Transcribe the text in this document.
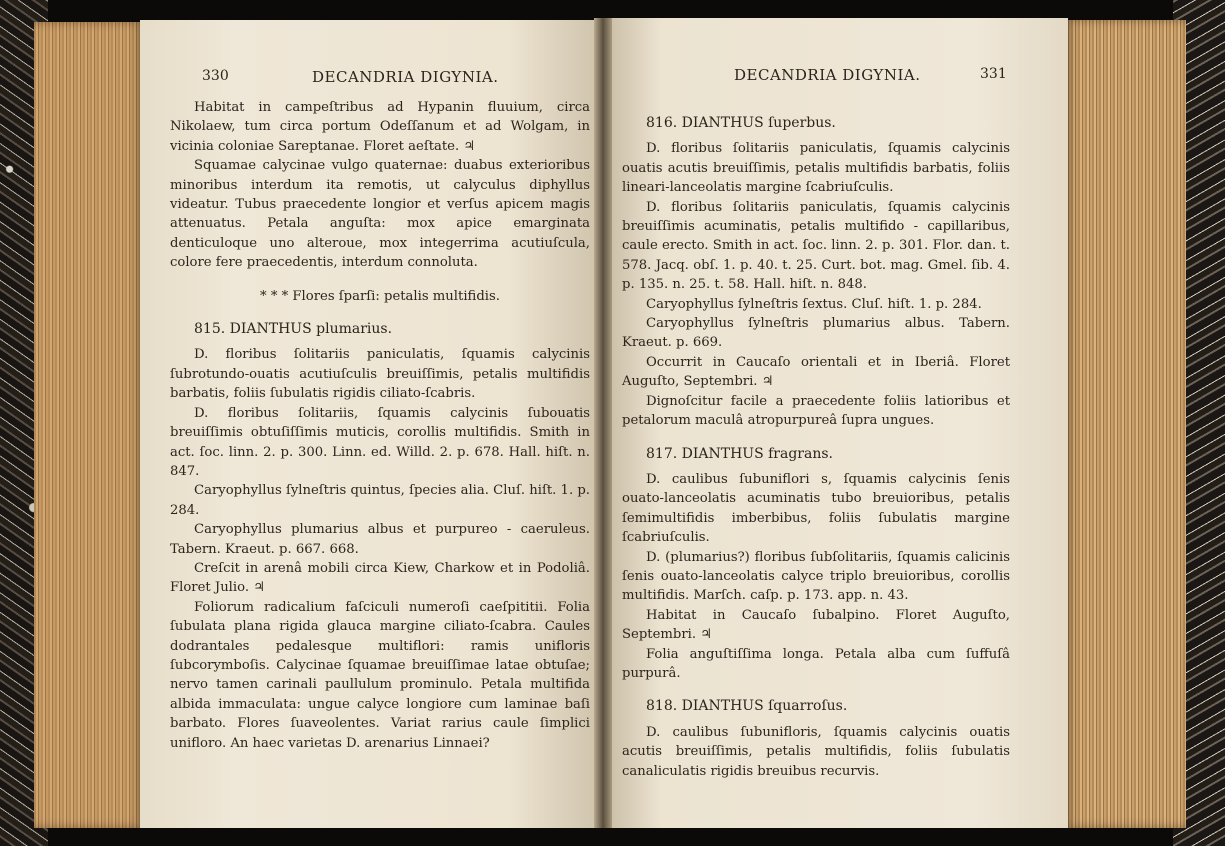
330	DECANDRIA DIGYNIA.

Habitat in campeſtribus ad Hypanin fluuium, circa Nikolaew, tum circa portum Odeſſanum et ad Wolgam, in vicinia coloniae Sareptanae. Floret aeſtate. ♃

Squamae calycinae vulgo quaternae: duabus exterioribus minoribus interdum ita remotis, ut calyculus diphyllus videatur. Tubus praecedente longior et verſus apicem magis attenuatus. Petala anguſta: mox apice emarginata denticuloque uno alteroue, mox integerrima acutiuſcula, colore fere praecedentis, interdum connoluta.

* * * Flores ſparſi: petalis multifidis.

815. DIANTHUS plumarius.

D. floribus ſolitariis paniculatis, ſquamis calycinis ſubrotundo-ouatis acutiuſculis breuiſſimis, petalis multifidis barbatis, foliis ſubulatis rigidis ciliato-ſcabris.

D. floribus ſolitariis, ſquamis calycinis ſubouatis breuiſſimis obtuſiſſimis muticis, corollis multifidis. Smith in act. ſoc. linn. 2. p. 300. Linn. ed. Willd. 2. p. 678. Hall. hiſt. n. 847.

Caryophyllus ſylneſtris quintus, ſpecies alia. Cluſ. hiſt. 1. p. 284.

Caryophyllus plumarius albus et purpureo - caeruleus. Tabern. Kraeut. p. 667. 668.

Creſcit in arenâ mobili circa Kiew, Charkow et in Podoliâ. Floret Julio. ♃

Foliorum radicalium faſciculi numeroſi caeſpititii. Folia ſubulata plana rigida glauca margine ciliato-ſcabra. Caules dodrantales pedalesque multiflori: ramis unifloris ſubcorymboſis. Calycinae ſquamae breuiſſimae latae obtuſae; nervo tamen carinali paullulum prominulo. Petala multifida albida immaculata: ungue calyce longiore cum laminae baſi barbato. Flores ſuaveolentes. Variat rarius caule ſimplici unifloro. An haec varietas D. arenarius Linnaei?

DECANDRIA DIGYNIA.	331

816. DIANTHUS ſuperbus.

D. floribus ſolitariis paniculatis, ſquamis calycinis ouatis acutis breuiſſimis, petalis multifidis barbatis, foliis lineari-lanceolatis margine ſcabriuſculis.

D. floribus ſolitariis paniculatis, ſquamis calycinis breuiſſimis acuminatis, petalis multifido - capillaribus, caule erecto. Smith in act. ſoc. linn. 2. p. 301. Flor. dan. t. 578. Jacq. obſ. 1. p. 40. t. 25. Curt. bot. mag. Gmel. ſib. 4. p. 135. n. 25. t. 58. Hall. hiſt. n. 848.

Caryophyllus ſylneſtris ſextus. Cluſ. hiſt. 1. p. 284.

Caryophyllus ſylneſtris plumarius albus. Tabern. Kraeut. p. 669.

Occurrit in Caucaſo orientali et in Iberiâ. Floret Auguſto, Septembri. ♃

Dignoſcitur facile a praecedente foliis latioribus et petalorum maculâ atropurpureâ ſupra ungues.

817. DIANTHUS fragrans.

D. caulibus ſubuniflori s, ſquamis calycinis ſenis ouato-lanceolatis acuminatis tubo breuioribus, petalis ſemimultifidis imberbibus, foliis ſubulatis margine ſcabriuſculis.

D. (plumarius?) floribus ſubſolitariis, ſquamis calicinis ſenis ouato-lanceolatis calyce triplo breuioribus, corollis multifidis. Marſch. caſp. p. 173. app. n. 43.

Habitat in Caucaſo ſubalpino. Floret Auguſto, Septembri. ♃

Folia anguſtiſſima longa. Petala alba cum ſuffuſâ purpurâ.

818. DIANTHUS ſquarroſus.

D. caulibus ſubunifloris, ſquamis calycinis ouatis acutis breuiſſimis, petalis multifidis, foliis ſubulatis canaliculatis rigidis breuibus recurvis.
